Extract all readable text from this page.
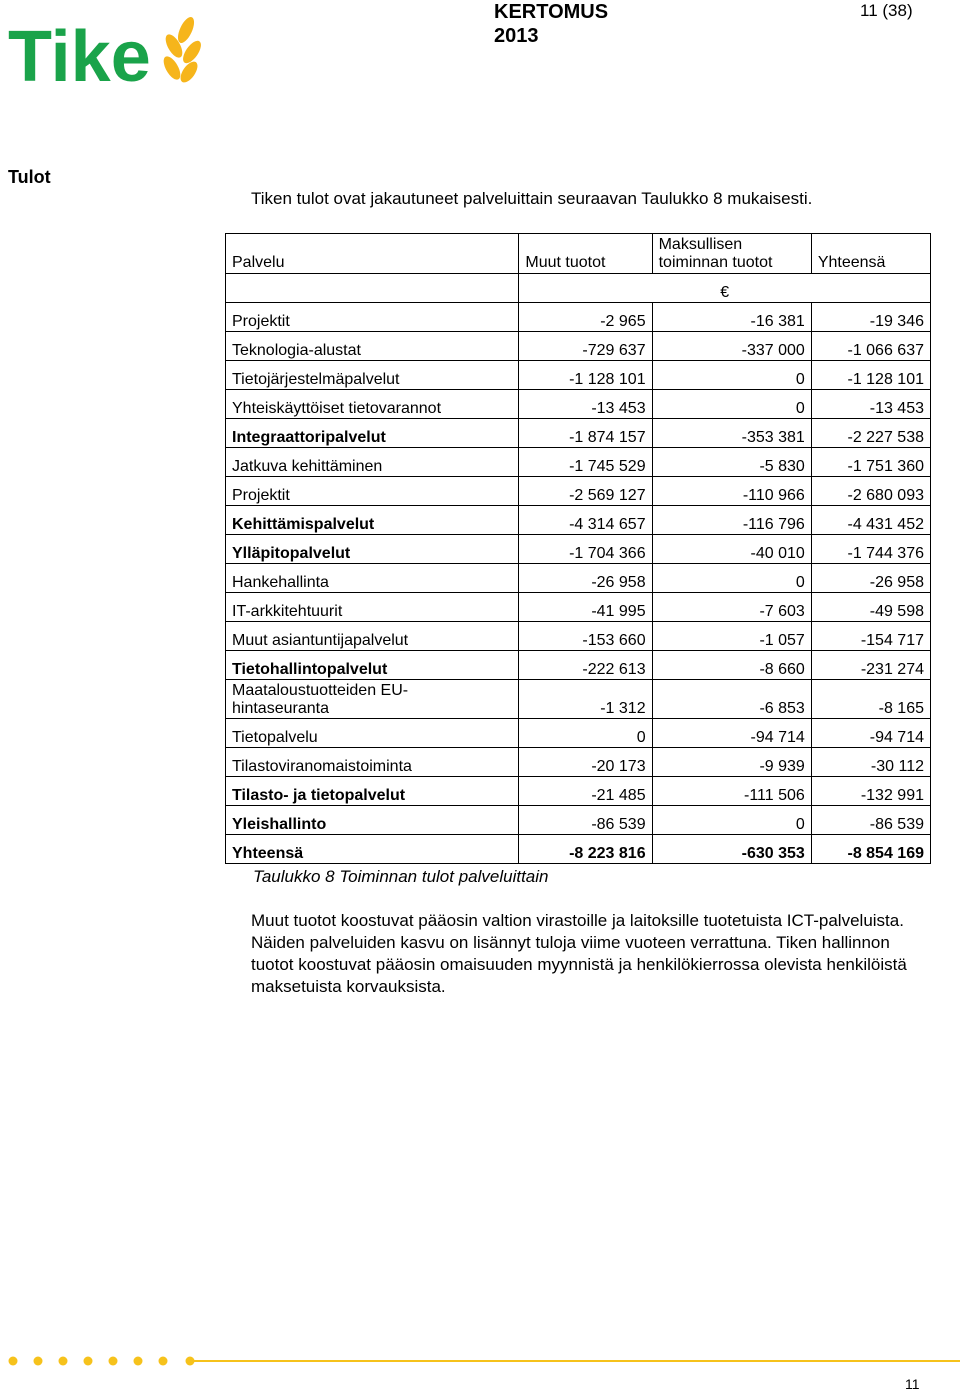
Tike
KERTOMUS
2013
11 (38)
Tulot
Tiken tulot ovat jakautuneet palveluittain seuraavan Taulukko 8 mukaisesti.
Palvelu	Muut tuotot	Maksullisen
toiminnan tuotot	Yhteensä
	€		
Projektit	-2 965	-16 381	-19 346
Teknologia-alustat	-729 637	-337 000	-1 066 637
Tietojärjestelmäpalvelut	-1 128 101	0	-1 128 101
Yhteiskäyttöiset tietovarannot	-13 453	0	-13 453
Integraattoripalvelut	-1 874 157	-353 381	-2 227 538
Jatkuva kehittäminen	-1 745 529	-5 830	-1 751 360
Projektit	-2 569 127	-110 966	-2 680 093
Kehittämispalvelut	-4 314 657	-116 796	-4 431 452
Ylläpitopalvelut	-1 704 366	-40 010	-1 744 376
Hankehallinta	-26 958	0	-26 958
IT-arkkitehtuurit	-41 995	-7 603	-49 598
Muut asiantuntijapalvelut	-153 660	-1 057	-154 717
Tietohallintopalvelut	-222 613	-8 660	-231 274

Maataloustuotteiden EU-
hintaseuranta	-1 312	-6 853	-8 165
Tietopalvelu	0	-94 714	-94 714
Tilastoviranomaistoiminta	-20 173	-9 939	-30 112
Tilasto- ja tietopalvelut	-21 485	-111 506	-132 991
Yleishallinto	-86 539	0	-86 539
Yhteensä	-8 223 816	-630 353	-8 854 169
Taulukko 8 Toiminnan tulot palveluittain

Muut tuotot koostuvat pääosin valtion virastoille ja laitoksille tuotetuista ICT-palveluista. Näiden palveluiden kasvu on lisännyt tuloja viime vuoteen verrattuna. Tiken hallinnon tuotot koostuvat pääosin omaisuuden myynnistä ja henkilökierrossa olevista henkilöistä maksetuista korvauksista.

11
